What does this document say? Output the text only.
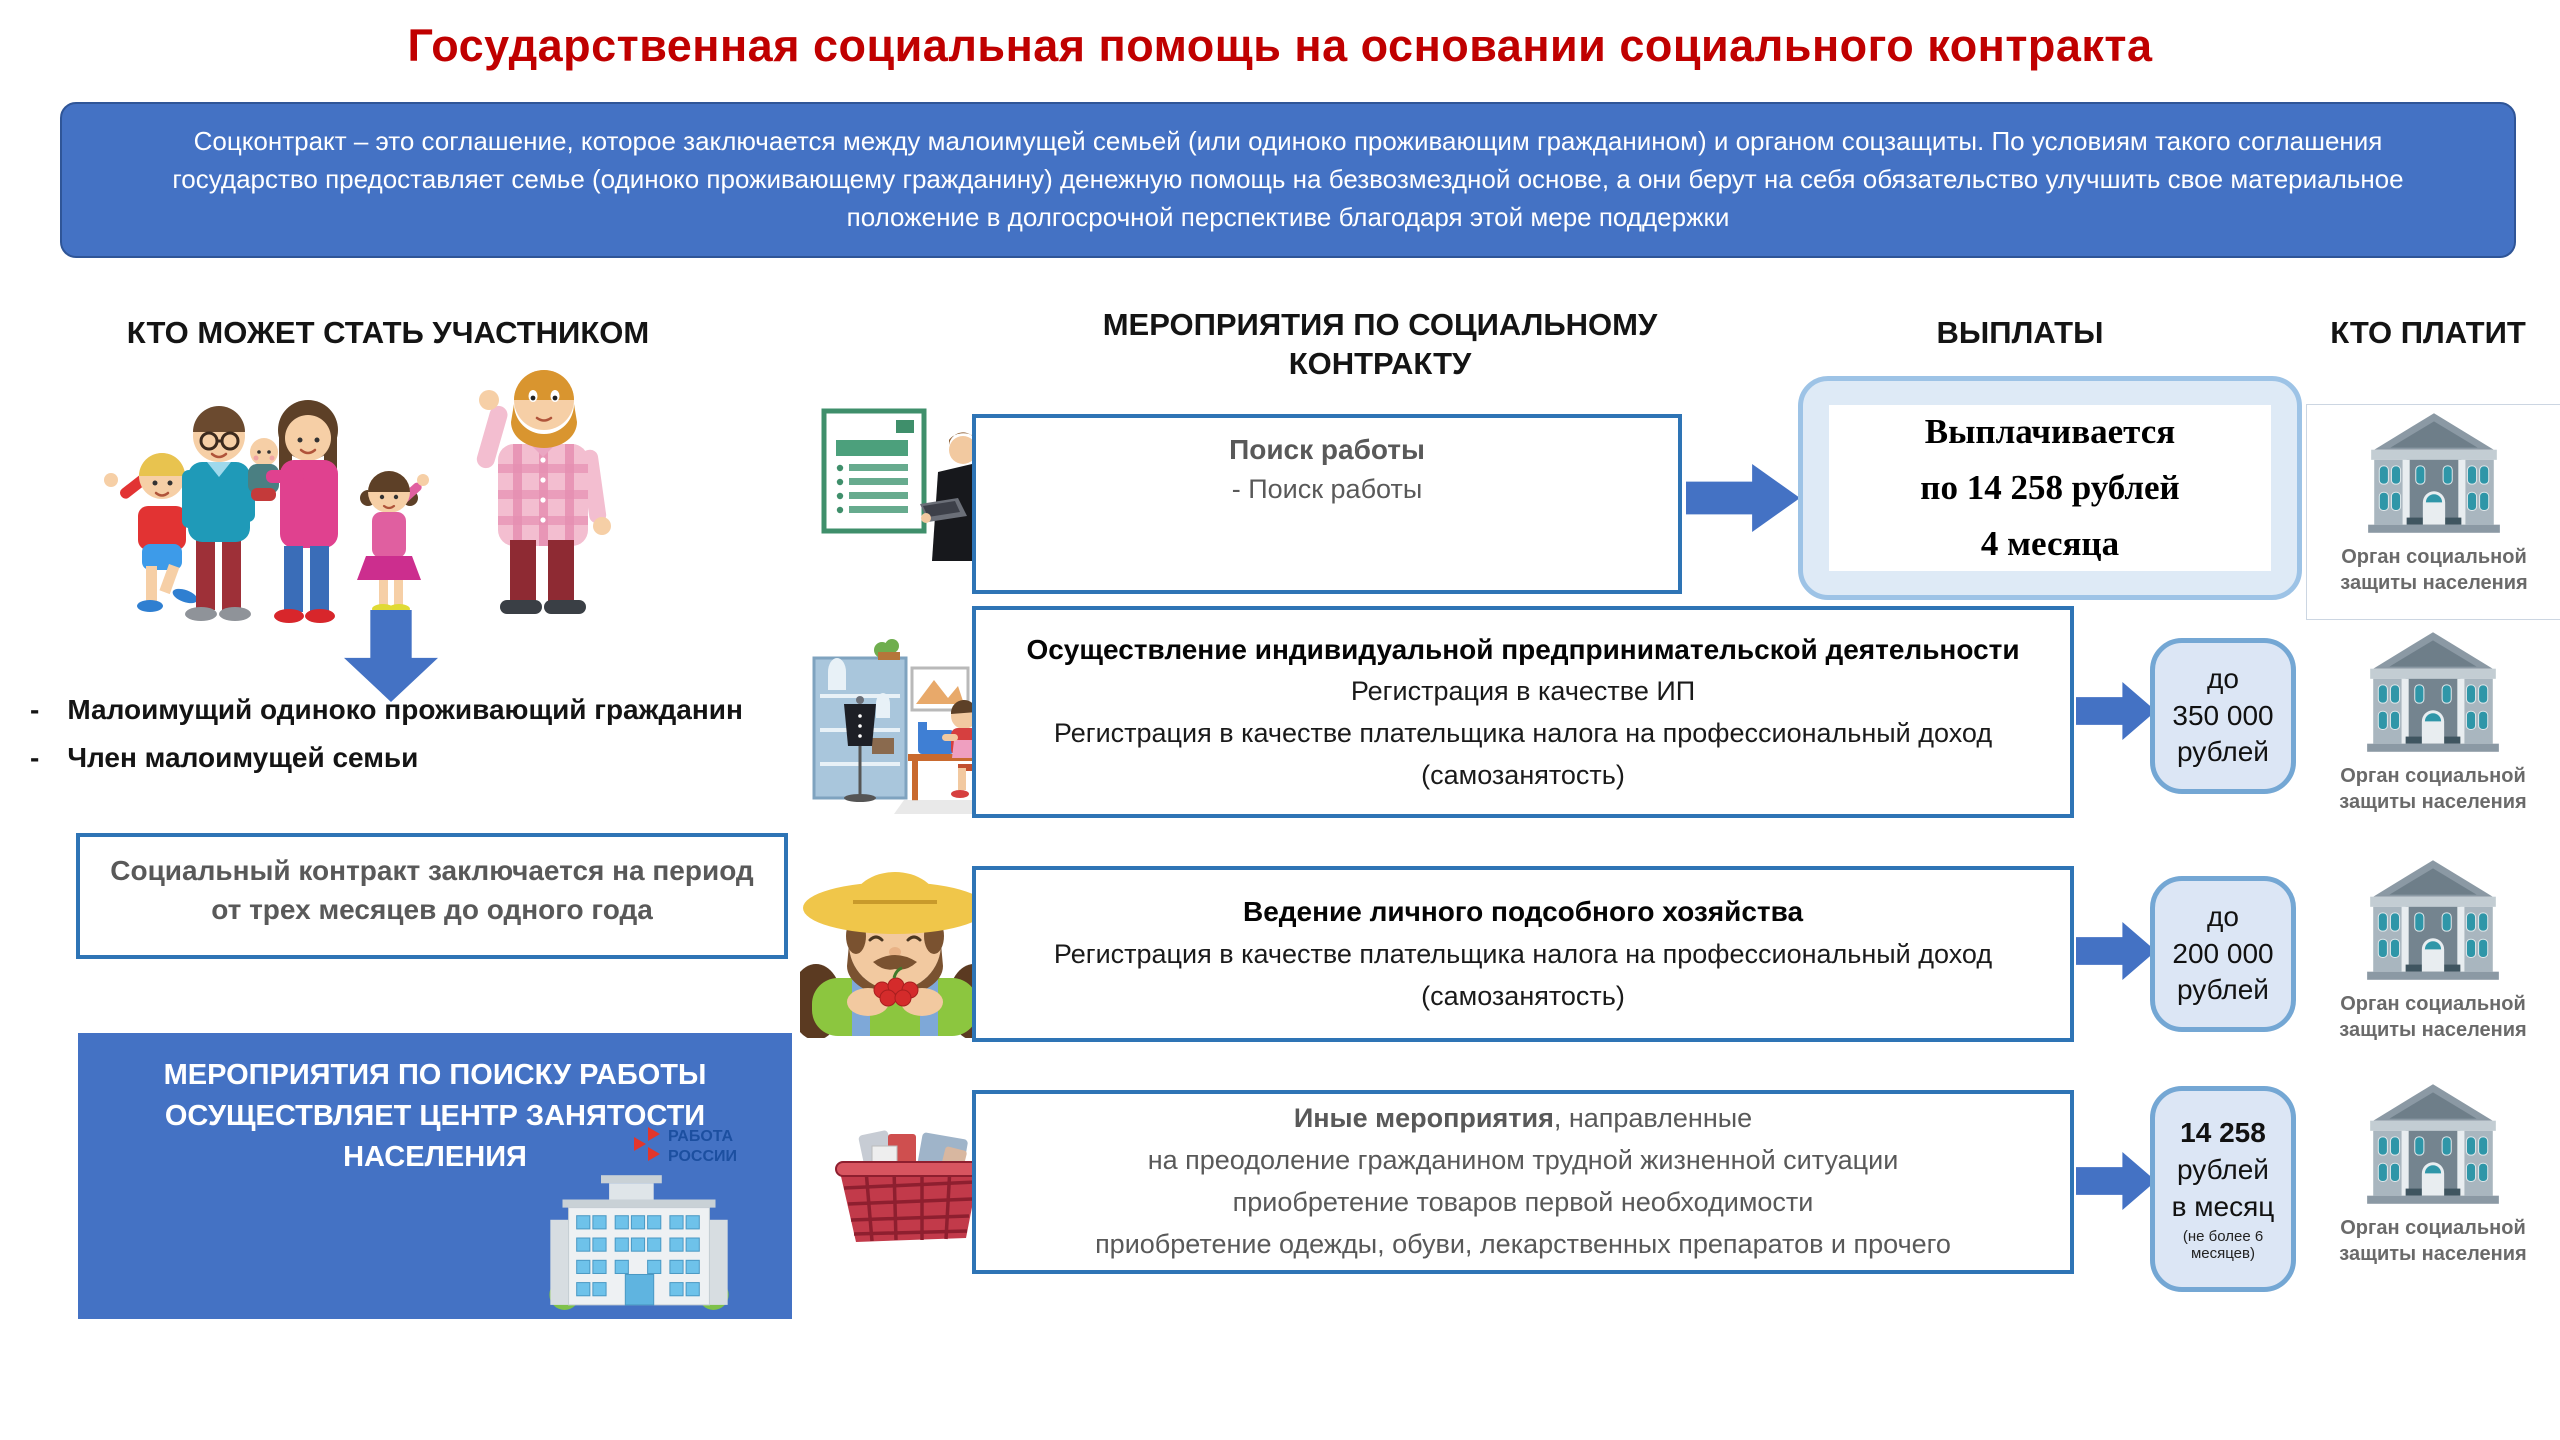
Государственная социальная помощь на основании социального контракта
Соцконтракт – это соглашение, которое заключается между малоимущей семьей (или одиноко проживающим гражданином) и органом соцзащиты. По условиям такого соглашения государство предоставляет семье (одиноко проживающему гражданину) денежную помощь на безвозмездной основе, а они берут на себя обязательство улучшить свое материальное положение в долгосрочной перспективе благодаря этой мере поддержки
КТО МОЖЕТ СТАТЬ УЧАСТНИКОМ	МЕРОПРИЯТИЯ ПО СОЦИАЛЬНОМУ КОНТРАКТУ
ВЫПЛАТЫ	КТО ПЛАТИТ
- Малоимущий одиноко проживающий гражданин
- Член малоимущей семьи
Социальный контракт заключается на период от трех месяцев до одного года
МЕРОПРИЯТИЯ ПО ПОИСКУ РАБОТЫ
ОСУЩЕСТВЛЯЕТ ЦЕНТР ЗАНЯТОСТИ НАСЕЛЕНИЯ
РАБОТА
РОССИИ
Поиск работы
- Поиск работы
Осуществление индивидуальной предпринимательской деятельности
Регистрация в качестве ИП
Регистрация в качестве плательщика налога на профессиональный доход
(самозанятость)
Ведение личного подсобного хозяйства
Регистрация в качестве плательщика налога на профессиональный доход
(самозанятость)
Иные мероприятия, направленные
на преодоление гражданином трудной жизненной ситуации
приобретение товаров первой необходимости
приобретение одежды, обуви, лекарственных препаратов и прочего
Выплачивается
по 14 258 рублей
4 месяца
до
350 000
рублей
до
200 000
рублей
14 258
рублей
в месяц
(не более 6 месяцев)
Орган социальной защиты населения
Орган социальной защиты населения
Орган социальной защиты населения
Орган социальной защиты населения
